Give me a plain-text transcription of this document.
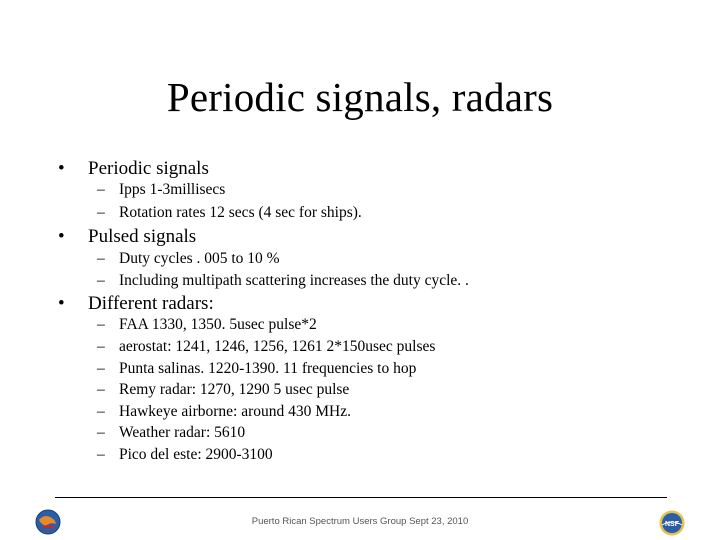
Periodic signals, radars
• Periodic signals
– Ipps 1-3millisecs
– Rotation rates 12 secs (4 sec for ships).
• Pulsed signals
– Duty cycles . 005 to 10 %
– Including multipath scattering increases the duty cycle. .
• Different radars:
– FAA 1330, 1350. 5usec pulse*2
– aerostat: 1241, 1246, 1256, 1261 2*150usec pulses
– Punta salinas. 1220-1390. 11 frequencies to hop
– Remy radar: 1270, 1290 5 usec pulse
– Hawkeye airborne: around 430 MHz.
– Weather radar: 5610
– Pico del este: 2900-3100
Puerto Rican Spectrum Users Group Sept 23, 2010	NSF
